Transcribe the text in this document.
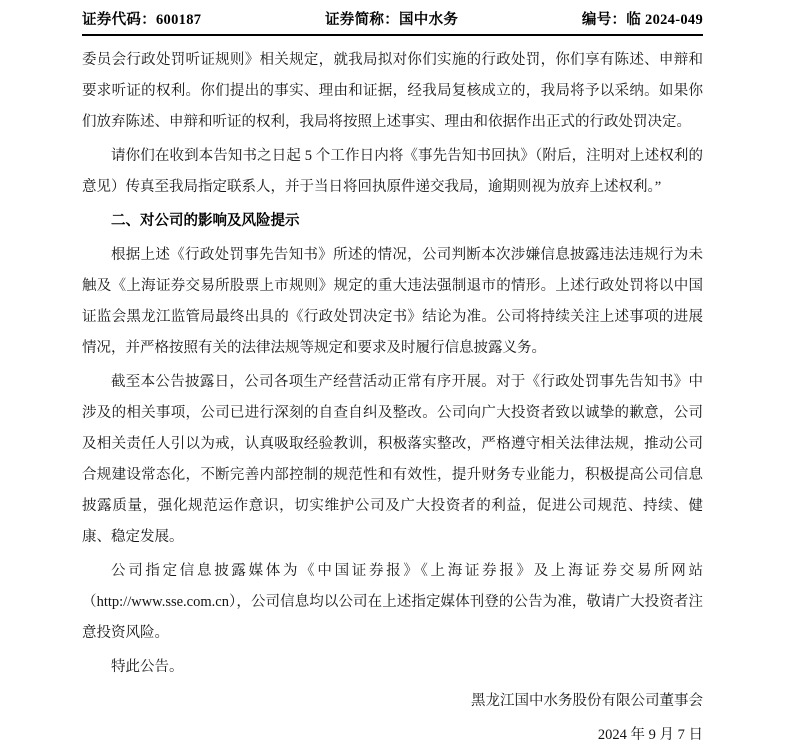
证券代码：600187	证券简称：国中水务	编号：临 2024-049

委员会行政处罚听证规则》相关规定，就我局拟对你们实施的行政处罚，你们享有陈述、申辩和要求听证的权利。你们提出的事实、理由和证据，经我局复核成立的，我局将予以采纳。如果你们放弃陈述、申辩和听证的权利，我局将按照上述事实、理由和依据作出正式的行政处罚决定。

请你们在收到本告知书之日起 5 个工作日内将《事先告知书回执》（附后，注明对上述权利的意见）传真至我局指定联系人，并于当日将回执原件递交我局，逾期则视为放弃上述权利。”

二、对公司的影响及风险提示

根据上述《行政处罚事先告知书》所述的情况，公司判断本次涉嫌信息披露违法违规行为未触及《上海证券交易所股票上市规则》规定的重大违法强制退市的情形。上述行政处罚将以中国证监会黑龙江监管局最终出具的《行政处罚决定书》结论为准。公司将持续关注上述事项的进展情况，并严格按照有关的法律法规等规定和要求及时履行信息披露义务。

截至本公告披露日，公司各项生产经营活动正常有序开展。对于《行政处罚事先告知书》中涉及的相关事项，公司已进行深刻的自查自纠及整改。公司向广大投资者致以诚挚的歉意，公司及相关责任人引以为戒，认真吸取经验教训，积极落实整改，严格遵守相关法律法规，推动公司合规建设常态化，不断完善内部控制的规范性和有效性，提升财务专业能力，积极提高公司信息披露质量，强化规范运作意识，切实维护公司及广大投资者的利益，促进公司规范、持续、健康、稳定发展。

公司指定信息披露媒体为《中国证券报》《上海证券报》及上海证券交易所网站（http://www.sse.com.cn），公司信息均以公司在上述指定媒体刊登的公告为准，敬请广大投资者注意投资风险。

特此公告。

黑龙江国中水务股份有限公司董事会

2024 年 9 月 7 日
